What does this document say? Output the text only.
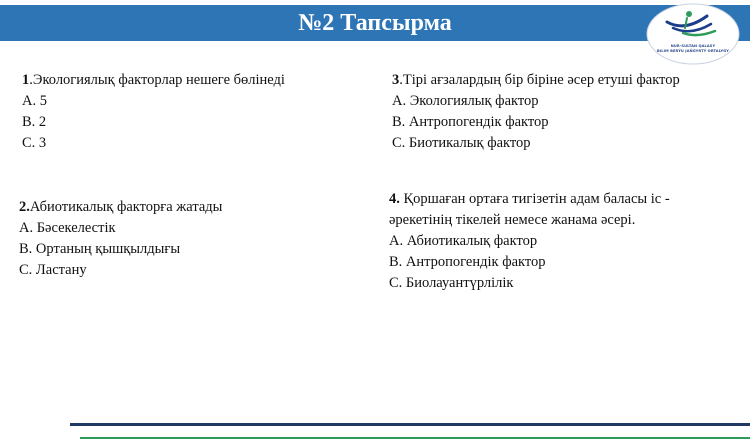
№2 Тапсырма
NUR-SULTAN QALASY
BILIM BERÝU JAŇGYRTÝ ORTALYǴY

1.Экологиялық факторлар нешеге бөлінеді

A. 5

B. 2

C. 3

2.Абиотикалық факторға жатады

A. Бәсекелестік

B. Ортаның қышқылдығы

C. Ластану

3.Тірі ағзалардың бір біріне әсер етуші фактор

A. Экологиялық фактор

B. Антропогендік фактор

C. Биотикалық фактор

4. Қоршаған ортаға тигізетін адам баласы іс - әрекетінің тікелей немесе жанама әсері.

A. Абиотикалық фактор

B. Антропогендік фактор

C. Биолауантүрлілік
